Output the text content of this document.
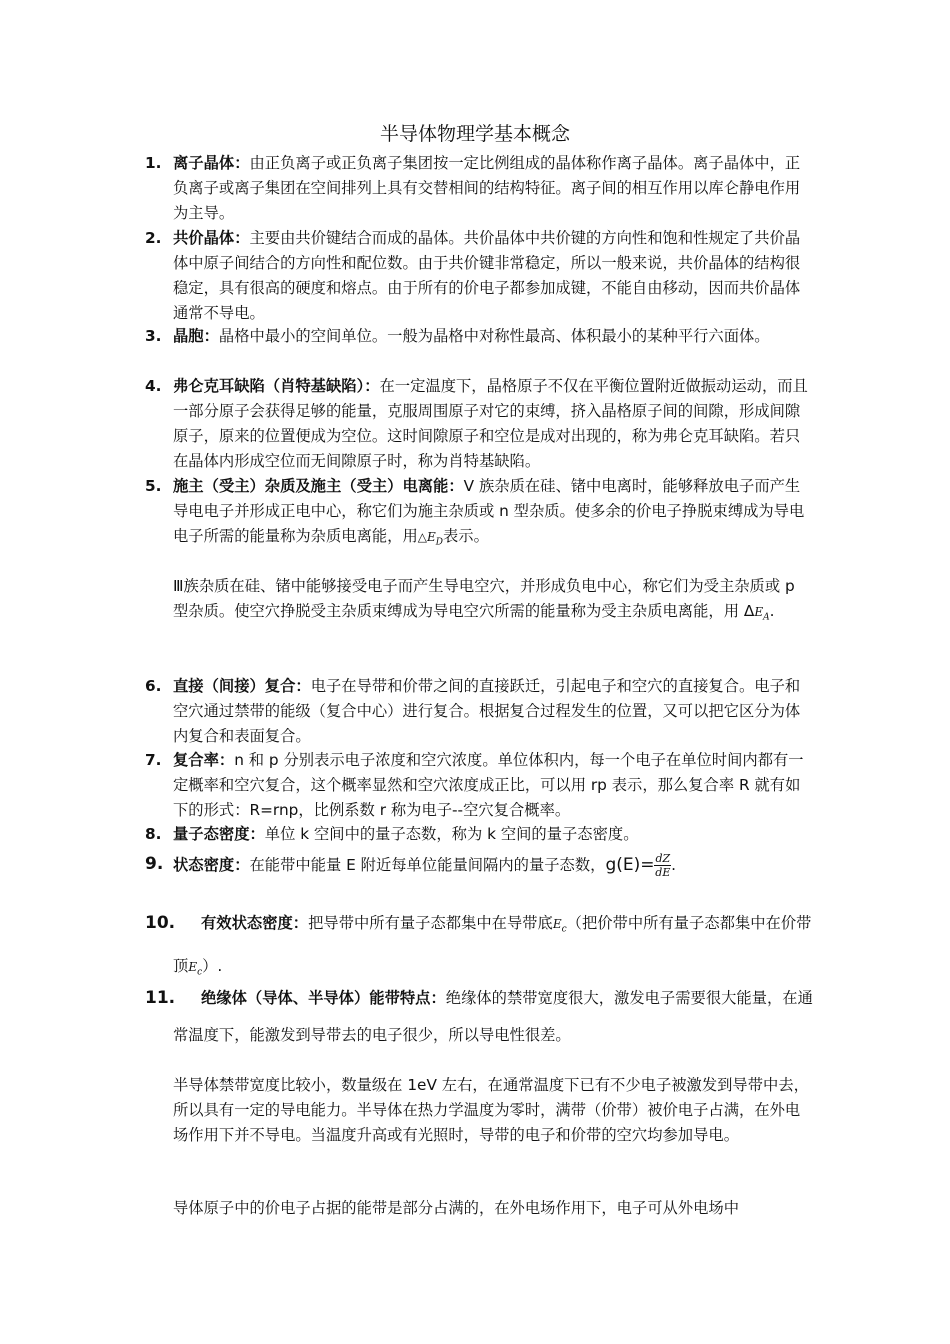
半导体物理学基本概念
1. 离子晶体：由正负离子或正负离子集团按一定比例组成的晶体称作离子晶体。离子晶体中，正负离子或离子集团在空间排列上具有交替相间的结构特征。离子间的相互作用以库仑静电作用为主导。
2. 共价晶体：主要由共价键结合而成的晶体。共价晶体中共价键的方向性和饱和性规定了共价晶体中原子间结合的方向性和配位数。由于共价键非常稳定，所以一般来说，共价晶体的结构很稳定，具有很高的硬度和熔点。由于所有的价电子都参加成键，不能自由移动，因而共价晶体通常不导电。
3. 晶胞：晶格中最小的空间单位。一般为晶格中对称性最高、体积最小的某种平行六面体。
4. 弗仑克耳缺陷（肖特基缺陷）：在一定温度下，晶格原子不仅在平衡位置附近做振动运动，而且一部分原子会获得足够的能量，克服周围原子对它的束缚，挤入晶格原子间的间隙，形成间隙原子，原来的位置便成为空位。这时间隙原子和空位是成对出现的，称为弗仑克耳缺陷。若只在晶体内形成空位而无间隙原子时，称为肖特基缺陷。
5. 施主（受主）杂质及施主（受主）电离能：V 族杂质在硅、锗中电离时，能够释放电子而产生导电电子并形成正电中心，称它们为施主杂质或 n 型杂质。使多余的价电子挣脱束缚成为导电电子所需的能量称为杂质电离能，用$\triangle E_D$表示。
Ⅲ族杂质在硅、锗中能够接受电子而产生导电空穴，并形成负电中心，称它们为受主杂质或 p 型杂质。使空穴挣脱受主杂质束缚成为导电空穴所需的能量称为受主杂质电离能，用 $\Delta E_A$.
6. 直接（间接）复合：电子在导带和价带之间的直接跃迁，引起电子和空穴的直接复合。电子和空穴通过禁带的能级（复合中心）进行复合。根据复合过程发生的位置，又可以把它区分为体内复合和表面复合。
7. 复合率：n 和 p 分别表示电子浓度和空穴浓度。单位体积内，每一个电子在单位时间内都有一定概率和空穴复合，这个概率显然和空穴浓度成正比，可以用 rp 表示，那么复合率 R 就有如下的形式：R=rnp，比例系数 r 称为电子--空穴复合概率。
8. 量子态密度：单位 k 空间中的量子态数，称为 k 空间的量子态密度。
9. 状态密度：在能带中能量 E 附近每单位能量间隔内的量子态数，$g(E)= \frac{dZ}{dE}$ .
10.	有效状态密度：把导带中所有量子态都集中在导带底$E_c$（把价带中所有量子态都集中在价带顶$E_c$）.
11.	绝缘体（导体、半导体）能带特点：绝缘体的禁带宽度很大，激发电子需要很大能量，在通常温度下，能激发到导带去的电子很少，所以导电性很差。
半导体禁带宽度比较小，数量级在 1eV 左右，在通常温度下已有不少电子被激发到导带中去，所以具有一定的导电能力。半导体在热力学温度为零时，满带（价带）被价电子占满，在外电场作用下并不导电。当温度升高或有光照时，导带的电子和价带的空穴均参加导电。
导体原子中的价电子占据的能带是部分占满的，在外电场作用下，电子可从外电场中
